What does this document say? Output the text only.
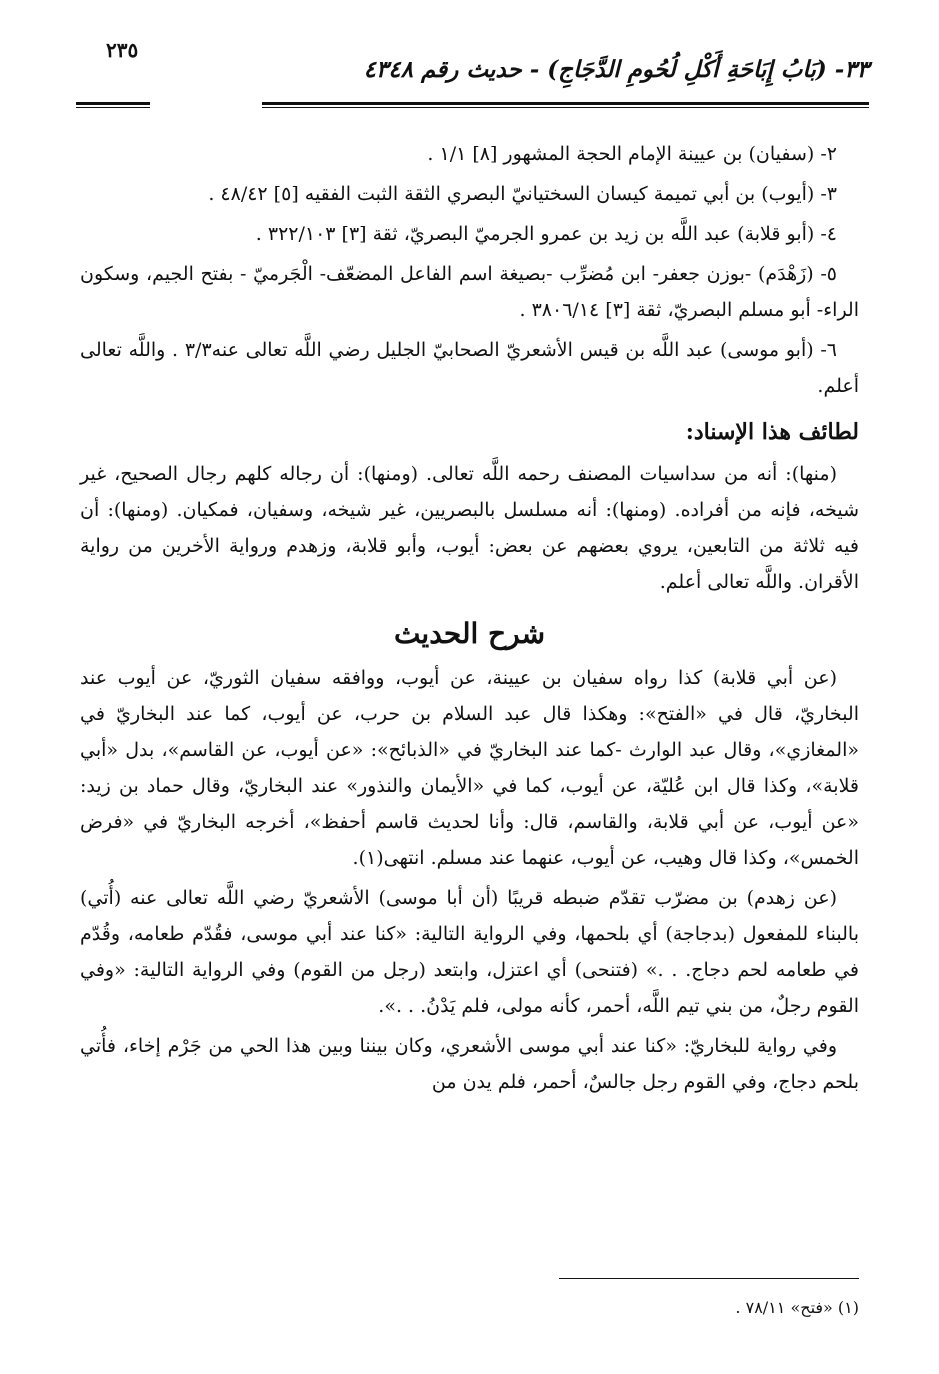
٣٣- (بَابُ إِبَاحَةِ أَكْلِ لُحُومِ الدَّجَاجِ) - حديث رقم ٤٣٤٨
٢٣٥

٢- (سفيان) بن عيينة الإمام الحجة المشهور [٨] ١/١ .

٣- (أيوب) بن أبي تميمة كيسان السختيانيّ البصري الثقة الثبت الفقيه [٥] ٤٨/٤٢ .

٤- (أبو قلابة) عبد اللَّه بن زيد بن عمرو الجرميّ البصريّ، ثقة [٣] ٣٢٢/١٠٣ .

٥- (زَهْدَم) -بوزن جعفر- ابن مُضرِّب -بصيغة اسم الفاعل المضعّف- الْجَرميّ - بفتح الجيم، وسكون الراء- أبو مسلم البصريّ، ثقة [٣] ٣٨٠٦/١٤ .

٦- (أبو موسى) عبد اللَّه بن قيس الأشعريّ الصحابيّ الجليل رضي اللَّه تعالى عنه٣/٣ . واللَّه تعالى أعلم.

لطائف هذا الإسناد:

(منها): أنه من سداسيات المصنف رحمه اللَّه تعالى. (ومنها): أن رجاله كلهم رجال الصحيح، غير شيخه، فإنه من أفراده. (ومنها): أنه مسلسل بالبصريين، غير شيخه، وسفيان، فمكيان. (ومنها): أن فيه ثلاثة من التابعين، يروي بعضهم عن بعض: أيوب، وأبو قلابة، وزهدم ورواية الأخرين من رواية الأقران. واللَّه تعالى أعلم.

شرح الحديث

(عن أبي قلابة) كذا رواه سفيان بن عيينة، عن أيوب، ووافقه سفيان الثوريّ، عن أيوب عند البخاريّ، قال في «الفتح»: وهكذا قال عبد السلام بن حرب، عن أيوب، كما عند البخاريّ في «المغازي»، وقال عبد الوارث -كما عند البخاريّ في «الذبائح»: «عن أيوب، عن القاسم»، بدل «أبي قلابة»، وكذا قال ابن عُليّة، عن أيوب، كما في «الأيمان والنذور» عند البخاريّ، وقال حماد بن زيد: «عن أيوب، عن أبي قلابة، والقاسم، قال: وأنا لحديث قاسم أحفظ»، أخرجه البخاريّ في «فرض الخمس»، وكذا قال وهيب، عن أيوب، عنهما عند مسلم. انتهى(١).

(عن زهدم) بن مضرّب تقدّم ضبطه قريبًا (أن أبا موسى) الأشعريّ رضي اللَّه تعالى عنه (أُتي) بالبناء للمفعول (بدجاجة) أي بلحمها، وفي الرواية التالية: «كنا عند أبي موسى، فقُدّم طعامه، وقُدّم في طعامه لحم دجاج. . .» (فتنحى) أي اعتزل، وابتعد (رجل من القوم) وفي الرواية التالية: «وفي القوم رجلٌ، من بني تيم اللَّه، أحمر، كأنه مولى، فلم يَدْنُ. . .».

وفي رواية للبخاريّ: «كنا عند أبي موسى الأشعري، وكان بيننا وبين هذا الحي من جَرْم إخاء، فأُتي بلحم دجاج، وفي القوم رجل جالسٌ، أحمر، فلم يدن من

(١) «فتح» ٧٨/١١ .
